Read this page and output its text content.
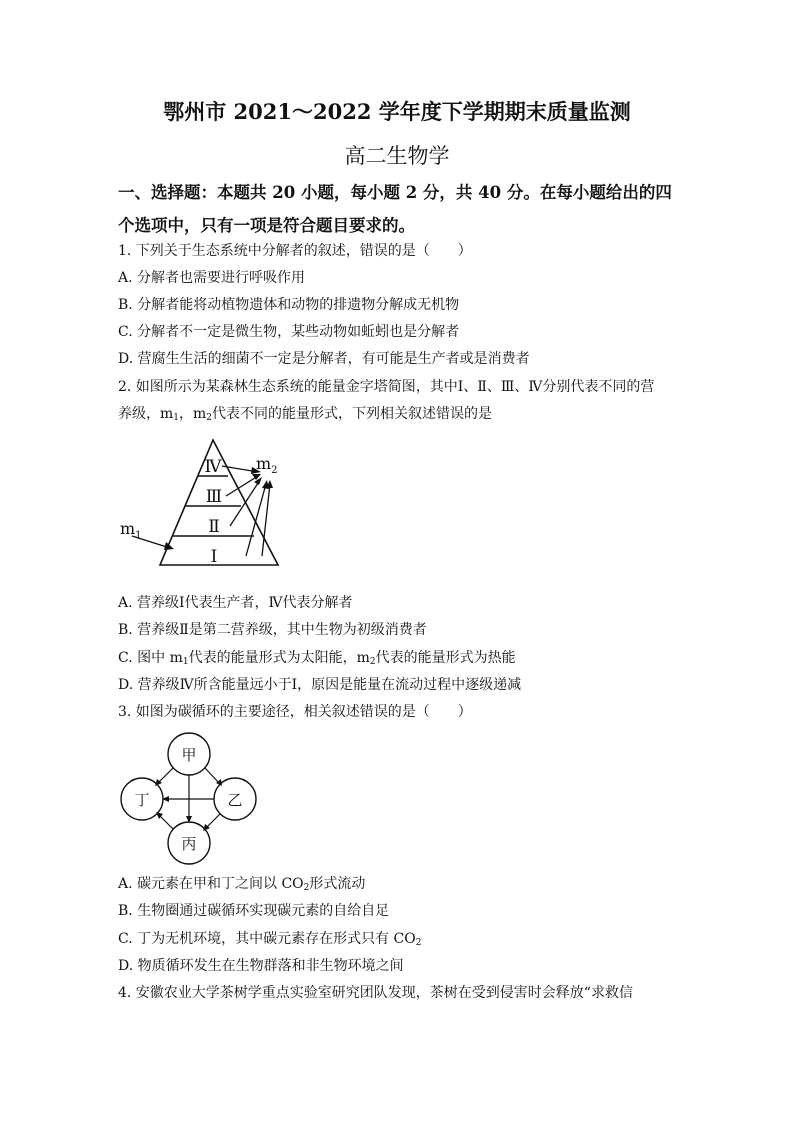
鄂州市 2021～2022 学年度下学期期末质量监测
高二生物学
一、选择题：本题共 20 小题，每小题 2 分，共 40 分。在每小题给出的四个选项中，只有一项是符合题目要求的。
1. 下列关于生态系统中分解者的叙述，错误的是（　　）
A. 分解者也需要进行呼吸作用
B. 分解者能将动植物遗体和动物的排遗物分解成无机物
C. 分解者不一定是微生物，某些动物如蚯蚓也是分解者
D. 营腐生生活的细菌不一定是分解者，有可能是生产者或是消费者
2. 如图所示为某森林生态系统的能量金字塔简图，其中Ⅰ、Ⅱ、Ⅲ、Ⅳ分别代表不同的营
养级，$m_1$，$m_2$代表不同的能量形式，下列相关叙述错误的是
Ⅳ
Ⅲ
Ⅱ
Ⅰ
$m_1$
$m_2$
A. 营养级Ⅰ代表生产者，Ⅳ代表分解者
B. 营养级Ⅱ是第二营养级，其中生物为初级消费者
C. 图中 $m_1$代表的能量形式为太阳能，$m_2$代表的能量形式为热能
D. 营养级Ⅳ所含能量远小于Ⅰ，原因是能量在流动过程中逐级递减
3. 如图为碳循环的主要途径，相关叙述错误的是（　　）
甲
丁	乙
丙
A. 碳元素在甲和丁之间以 $CO_2$形式流动
B. 生物圈通过碳循环实现碳元素的自给自足
C. 丁为无机环境，其中碳元素存在形式只有 $CO_2$
D. 物质循环发生在生物群落和非生物环境之间
4. 安徽农业大学茶树学重点实验室研究团队发现，茶树在受到侵害时会释放“求救信
